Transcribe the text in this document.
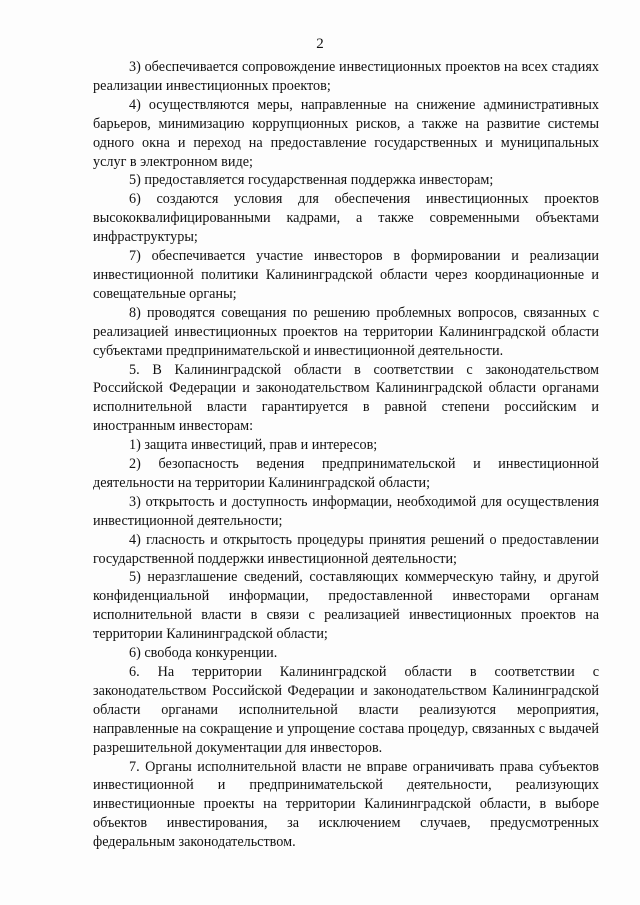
2

3) обеспечивается сопровождение инвестиционных проектов на всех стадиях реализации инвестиционных проектов;

4) осуществляются меры, направленные на снижение административных барьеров, минимизацию коррупционных рисков, а также на развитие системы одного окна и переход на предоставление государственных и муниципальных услуг в электронном виде;

5) предоставляется государственная поддержка инвесторам;

6) создаются условия для обеспечения инвестиционных проектов высококвалифицированными кадрами, а также современными объектами инфраструктуры;

7) обеспечивается участие инвесторов в формировании и реализации инвестиционной политики Калининградской области через координационные и совещательные органы;

8) проводятся совещания по решению проблемных вопросов, связанных с реализацией инвестиционных проектов на территории Калининградской области субъектами предпринимательской и инвестиционной деятельности.

5. В Калининградской области в соответствии с законодательством Российской Федерации и законодательством Калининградской области органами исполнительной власти гарантируется в равной степени российским и иностранным инвесторам:

1) защита инвестиций, прав и интересов;

2) безопасность ведения предпринимательской и инвестиционной деятельности на территории Калининградской области;

3) открытость и доступность информации, необходимой для осуществления инвестиционной деятельности;

4) гласность и открытость процедуры принятия решений о предоставлении государственной поддержки инвестиционной деятельности;

5) неразглашение сведений, составляющих коммерческую тайну, и другой конфиденциальной информации, предоставленной инвесторами органам исполнительной власти в связи с реализацией инвестиционных проектов на территории Калининградской области;

6) свобода конкуренции.

6. На территории Калининградской области в соответствии с законодательством Российской Федерации и законодательством Калининградской области органами исполнительной власти реализуются мероприятия, направленные на сокращение и упрощение состава процедур, связанных с выдачей разрешительной документации для инвесторов.

7. Органы исполнительной власти не вправе ограничивать права субъектов инвестиционной и предпринимательской деятельности, реализующих инвестиционные проекты на территории Калининградской области, в выборе объектов инвестирования, за исключением случаев, предусмотренных федеральным законодательством.
